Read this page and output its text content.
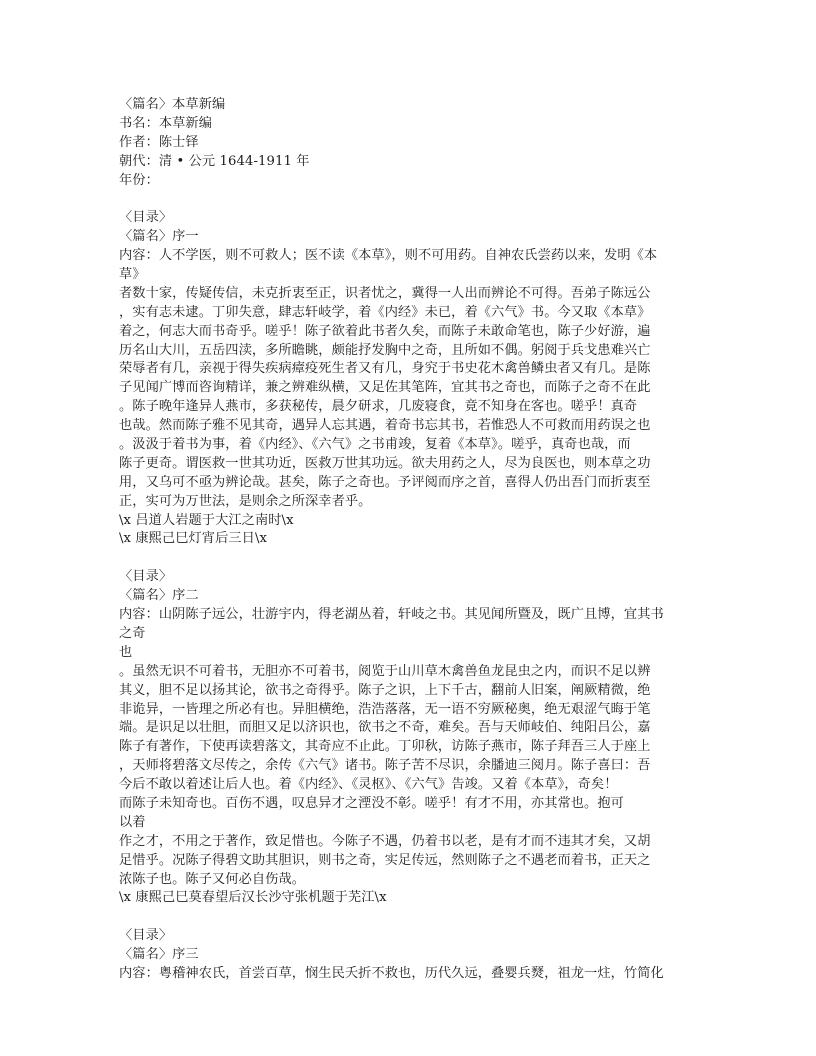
〈篇名〉本草新编
书名：本草新编
作者：陈士铎
朝代：清 • 公元 1644-1911 年
年份：
〈目录〉
〈篇名〉序一
内容：人不学医，则不可救人；医不读《本草》，则不可用药。自神农氏尝药以来，发明《本
草》
者数十家，传疑传信，未克折衷至正，识者忧之，冀得一人出而辨论不可得。吾弟子陈远公
，实有志未逮。丁卯失意，肆志轩岐学，着《内经》未已，着《六气》书。今又取《本草》
着之，何志大而书奇乎。嗟乎！陈子欲着此书者久矣，而陈子未敢命笔也，陈子少好游，遍
历名山大川，五岳四渎，多所瞻眺，颇能抒发胸中之奇，且所如不偶。躬阅于兵戈患难兴亡
荣辱者有几，亲视于得失疾病瘴疫死生者又有几，身究于书史花木禽兽鳞虫者又有几。是陈
子见闻广博而咨询精详，兼之辨难纵横，又足佐其笔阵，宜其书之奇也，而陈子之奇不在此
。陈子晚年逢异人燕市，多获秘传，晨夕研求，几废寝食，竟不知身在客也。嗟乎！真奇
也哉。然而陈子雅不见其奇，遇异人忘其遇，着奇书忘其书，若惟恐人不可救而用药误之也
。汲汲于着书为事，着《内经》、《六气》之书甫竣，复着《本草》。嗟乎，真奇也哉，而
陈子更奇。谓医救一世其功近，医救万世其功远。欲夫用药之人，尽为良医也，则本草之功
用，又乌可不亟为辨论哉。甚矣，陈子之奇也。予评阅而序之首，喜得人仍出吾门而折衷至
正，实可为万世法，是则余之所深幸者乎。
\x 吕道人岩题于大江之南时\x
\x 康熙己巳灯宵后三日\x
〈目录〉
〈篇名〉序二
内容：山阴陈子远公，壮游宇内，得老湖丛着，轩岐之书。其见闻所暨及，既广且博，宜其书
之奇
也
。虽然无识不可着书，无胆亦不可着书，阅览于山川草木禽兽鱼龙昆虫之内，而识不足以辨
其义，胆不足以扬其论，欲书之奇得乎。陈子之识，上下千古，翻前人旧案，阐厥精微，绝
非诡异，一皆理之所必有也。异胆横绝，浩浩落落，无一语不穷厥秘奥，绝无艰涩气晦于笔
端。是识足以壮胆，而胆又足以济识也，欲书之不奇，难矣。吾与天师岐伯、纯阳吕公，嘉
陈子有著作，下使再读碧落文，其奇应不止此。丁卯秋，访陈子燕市，陈子拜吾三人于座上
，天师将碧落文尽传之，余传《六气》诸书。陈子苦不尽识，余膰迪三阅月。陈子喜曰：吾
今后不敢以着述让后人也。着《内经》、《灵枢》、《六气》告竣。又着《本草》，奇矣！
而陈子未知奇也。百伤不遇，叹息异才之湮没不彰。嗟乎！有才不用，亦其常也。抱可
以着
作之才，不用之于著作，致足惜也。今陈子不遇，仍着书以老，是有才而不违其才矣，又胡
足惜乎。况陈子得碧文助其胆识，则书之奇，实足传远，然则陈子之不遇老而着书，正天之
浓陈子也。陈子又何必自伤哉。
\x 康熙己巳莫春望后汉长沙守张机题于芜江\x
〈目录〉
〈篇名〉序三
内容：粤稽神农氏，首尝百草，悯生民夭折不救也，历代久远，叠婴兵燹，祖龙一炷，竹简化
